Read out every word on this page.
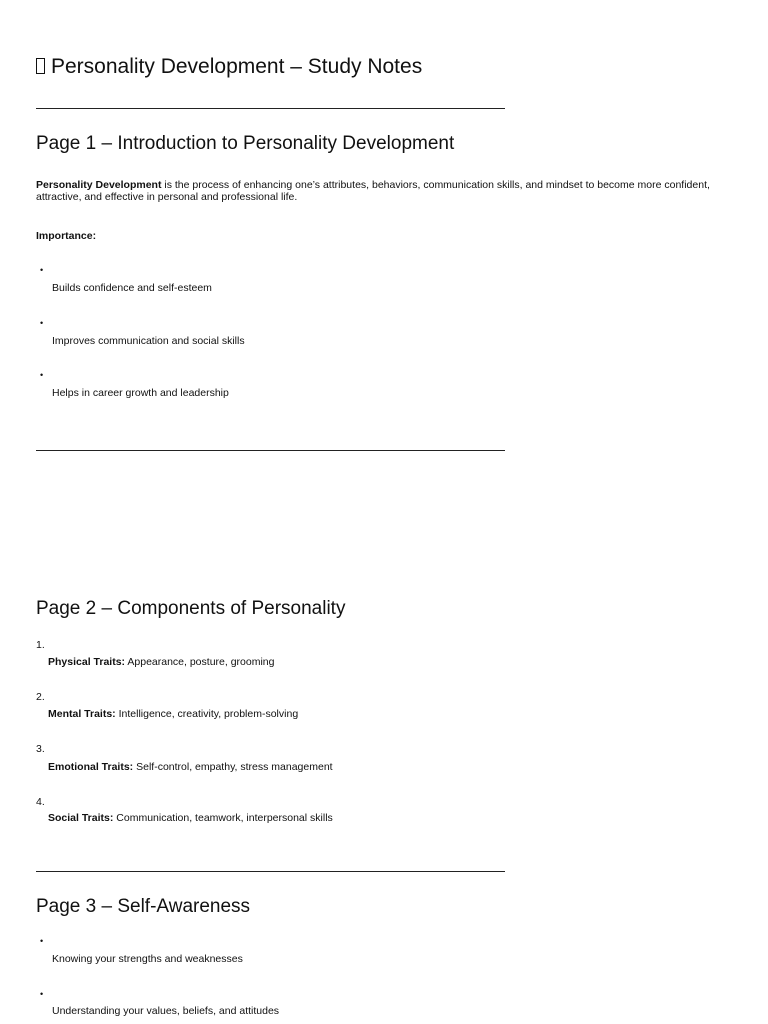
Personality Development – Study Notes
Page 1 – Introduction to Personality Development

Personality Development is the process of enhancing one’s attributes, behaviors, communication skills, and mindset to become more confident, attractive, and effective in personal and professional life.

Importance:

•
Builds confidence and self-esteem
•
Improves communication and social skills
•
Helps in career growth and leadership
Page 2 – Components of Personality
1.
Physical Traits: Appearance, posture, grooming
2.
Mental Traits: Intelligence, creativity, problem-solving
3.
Emotional Traits: Self-control, empathy, stress management
4.
Social Traits: Communication, teamwork, interpersonal skills
Page 3 – Self-Awareness
•
Knowing your strengths and weaknesses
•
Understanding your values, beliefs, and attitudes
